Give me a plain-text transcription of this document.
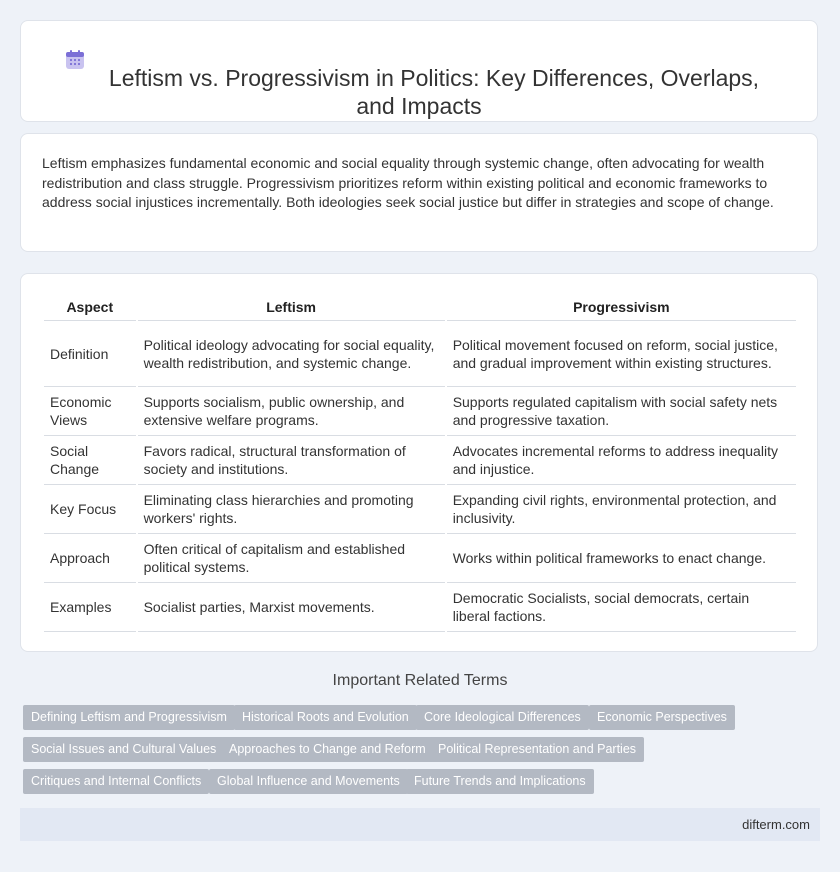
Leftism vs. Progressivism in Politics: Key Differences, Overlaps, and Impacts

Leftism emphasizes fundamental economic and social equality through systemic change, often advocating for wealth redistribution and class struggle. Progressivism prioritizes reform within existing political and economic frameworks to address social injustices incrementally. Both ideologies seek social justice but differ in strategies and scope of change.

Aspect	Leftism	Progressivism
Definition	Political ideology advocating for social equality, wealth redistribution, and systemic change.	Political movement focused on reform, social justice, and gradual improvement within existing structures.
Economic Views	Supports socialism, public ownership, and extensive welfare programs.	Supports regulated capitalism with social safety nets and progressive taxation.
Social Change	Favors radical, structural transformation of society and institutions.	Advocates incremental reforms to address inequality and injustice.
Key Focus	Eliminating class hierarchies and promoting workers' rights.	Expanding civil rights, environmental protection, and inclusivity.
Approach	Often critical of capitalism and established political systems.	Works within political frameworks to enact change.
Examples	Socialist parties, Marxist movements.	Democratic Socialists, social democrats, certain liberal factions.
Important Related Terms
Defining Leftism and Progressivism	Historical Roots and Evolution	Core Ideological Differences	Economic Perspectives
Social Issues and Cultural Values	Approaches to Change and Reform Political Representation and Parties
Critiques and Internal Conflicts	Global Influence and Movements	Future Trends and Implications
difterm.com
